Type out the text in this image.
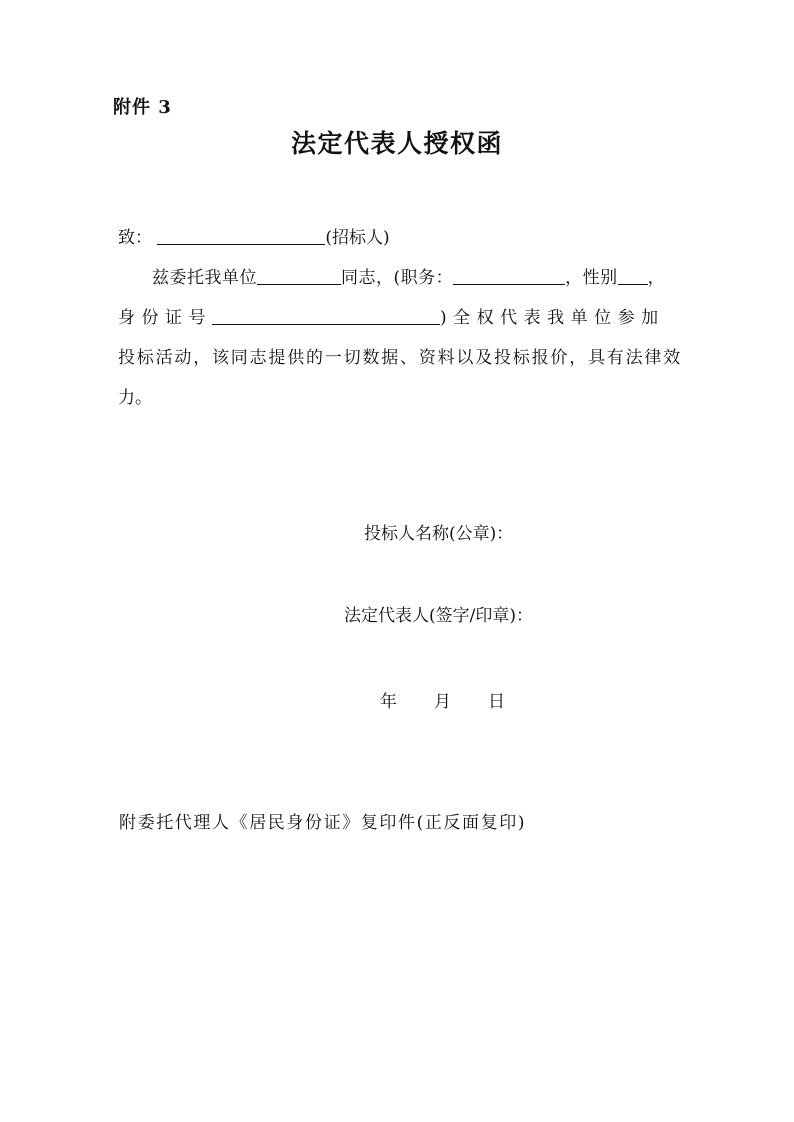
附件 3
法定代表人授权函
致：	(招标人)
兹委托我单位	同志，(职务：	，性别 ，
身份证号	)全权代表我单位参加
投标活动，该同志提供的一切数据、资料以及投标报价，具有法律效
力。
投标人名称(公章)：
法定代表人(签字/印章)：
年　　月　　日
附委托代理人《居民身份证》复印件(正反面复印)
